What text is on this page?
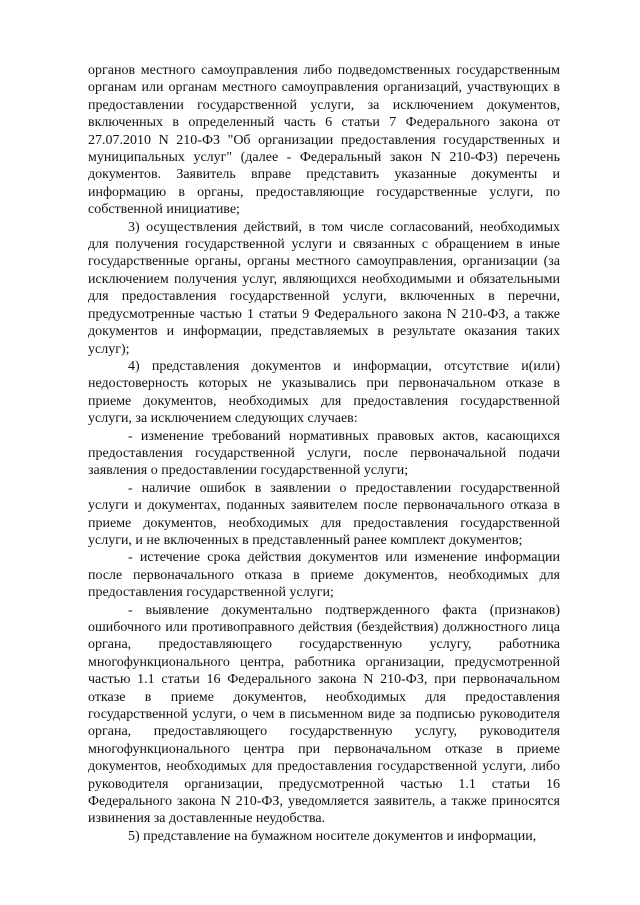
органов местного самоуправления либо подведомственных государственным органам или органам местного самоуправления организаций, участвующих в предоставлении государственной услуги, за исключением документов, включенных в определенный часть 6 статьи 7 Федерального закона от 27.07.2010 N 210-ФЗ "Об организации предоставления государственных и муниципальных услуг" (далее - Федеральный закон N 210-ФЗ) перечень документов. Заявитель вправе представить указанные документы и информацию в органы, предоставляющие государственные услуги, по собственной инициативе;

3) осуществления действий, в том числе согласований, необходимых для получения государственной услуги и связанных с обращением в иные государственные органы, органы местного самоуправления, организации (за исключением получения услуг, являющихся необходимыми и обязательными для предоставления государственной услуги, включенных в перечни, предусмотренные частью 1 статьи 9 Федерального закона N 210-ФЗ, а также документов и информации, представляемых в результате оказания таких услуг);

4) представления документов и информации, отсутствие и(или) недостоверность которых не указывались при первоначальном отказе в приеме документов, необходимых для предоставления государственной услуги, за исключением следующих случаев:

- изменение требований нормативных правовых актов, касающихся предоставления государственной услуги, после первоначальной подачи заявления о предоставлении государственной услуги;

- наличие ошибок в заявлении о предоставлении государственной услуги и документах, поданных заявителем после первоначального отказа в приеме документов, необходимых для предоставления государственной услуги, и не включенных в представленный ранее комплект документов;

- истечение срока действия документов или изменение информации после первоначального отказа в приеме документов, необходимых для предоставления государственной услуги;

- выявление документально подтвержденного факта (признаков) ошибочного или противоправного действия (бездействия) должностного лица органа, предоставляющего государственную услугу, работника многофункционального центра, работника организации, предусмотренной частью 1.1 статьи 16 Федерального закона N 210-ФЗ, при первоначальном отказе в приеме документов, необходимых для предоставления государственной услуги, о чем в письменном виде за подписью руководителя органа, предоставляющего государственную услугу, руководителя многофункционального центра при первоначальном отказе в приеме документов, необходимых для предоставления государственной услуги, либо руководителя организации, предусмотренной частью 1.1 статьи 16 Федерального закона N 210-ФЗ, уведомляется заявитель, а также приносятся извинения за доставленные неудобства.

5) представление на бумажном носителе документов и информации,
